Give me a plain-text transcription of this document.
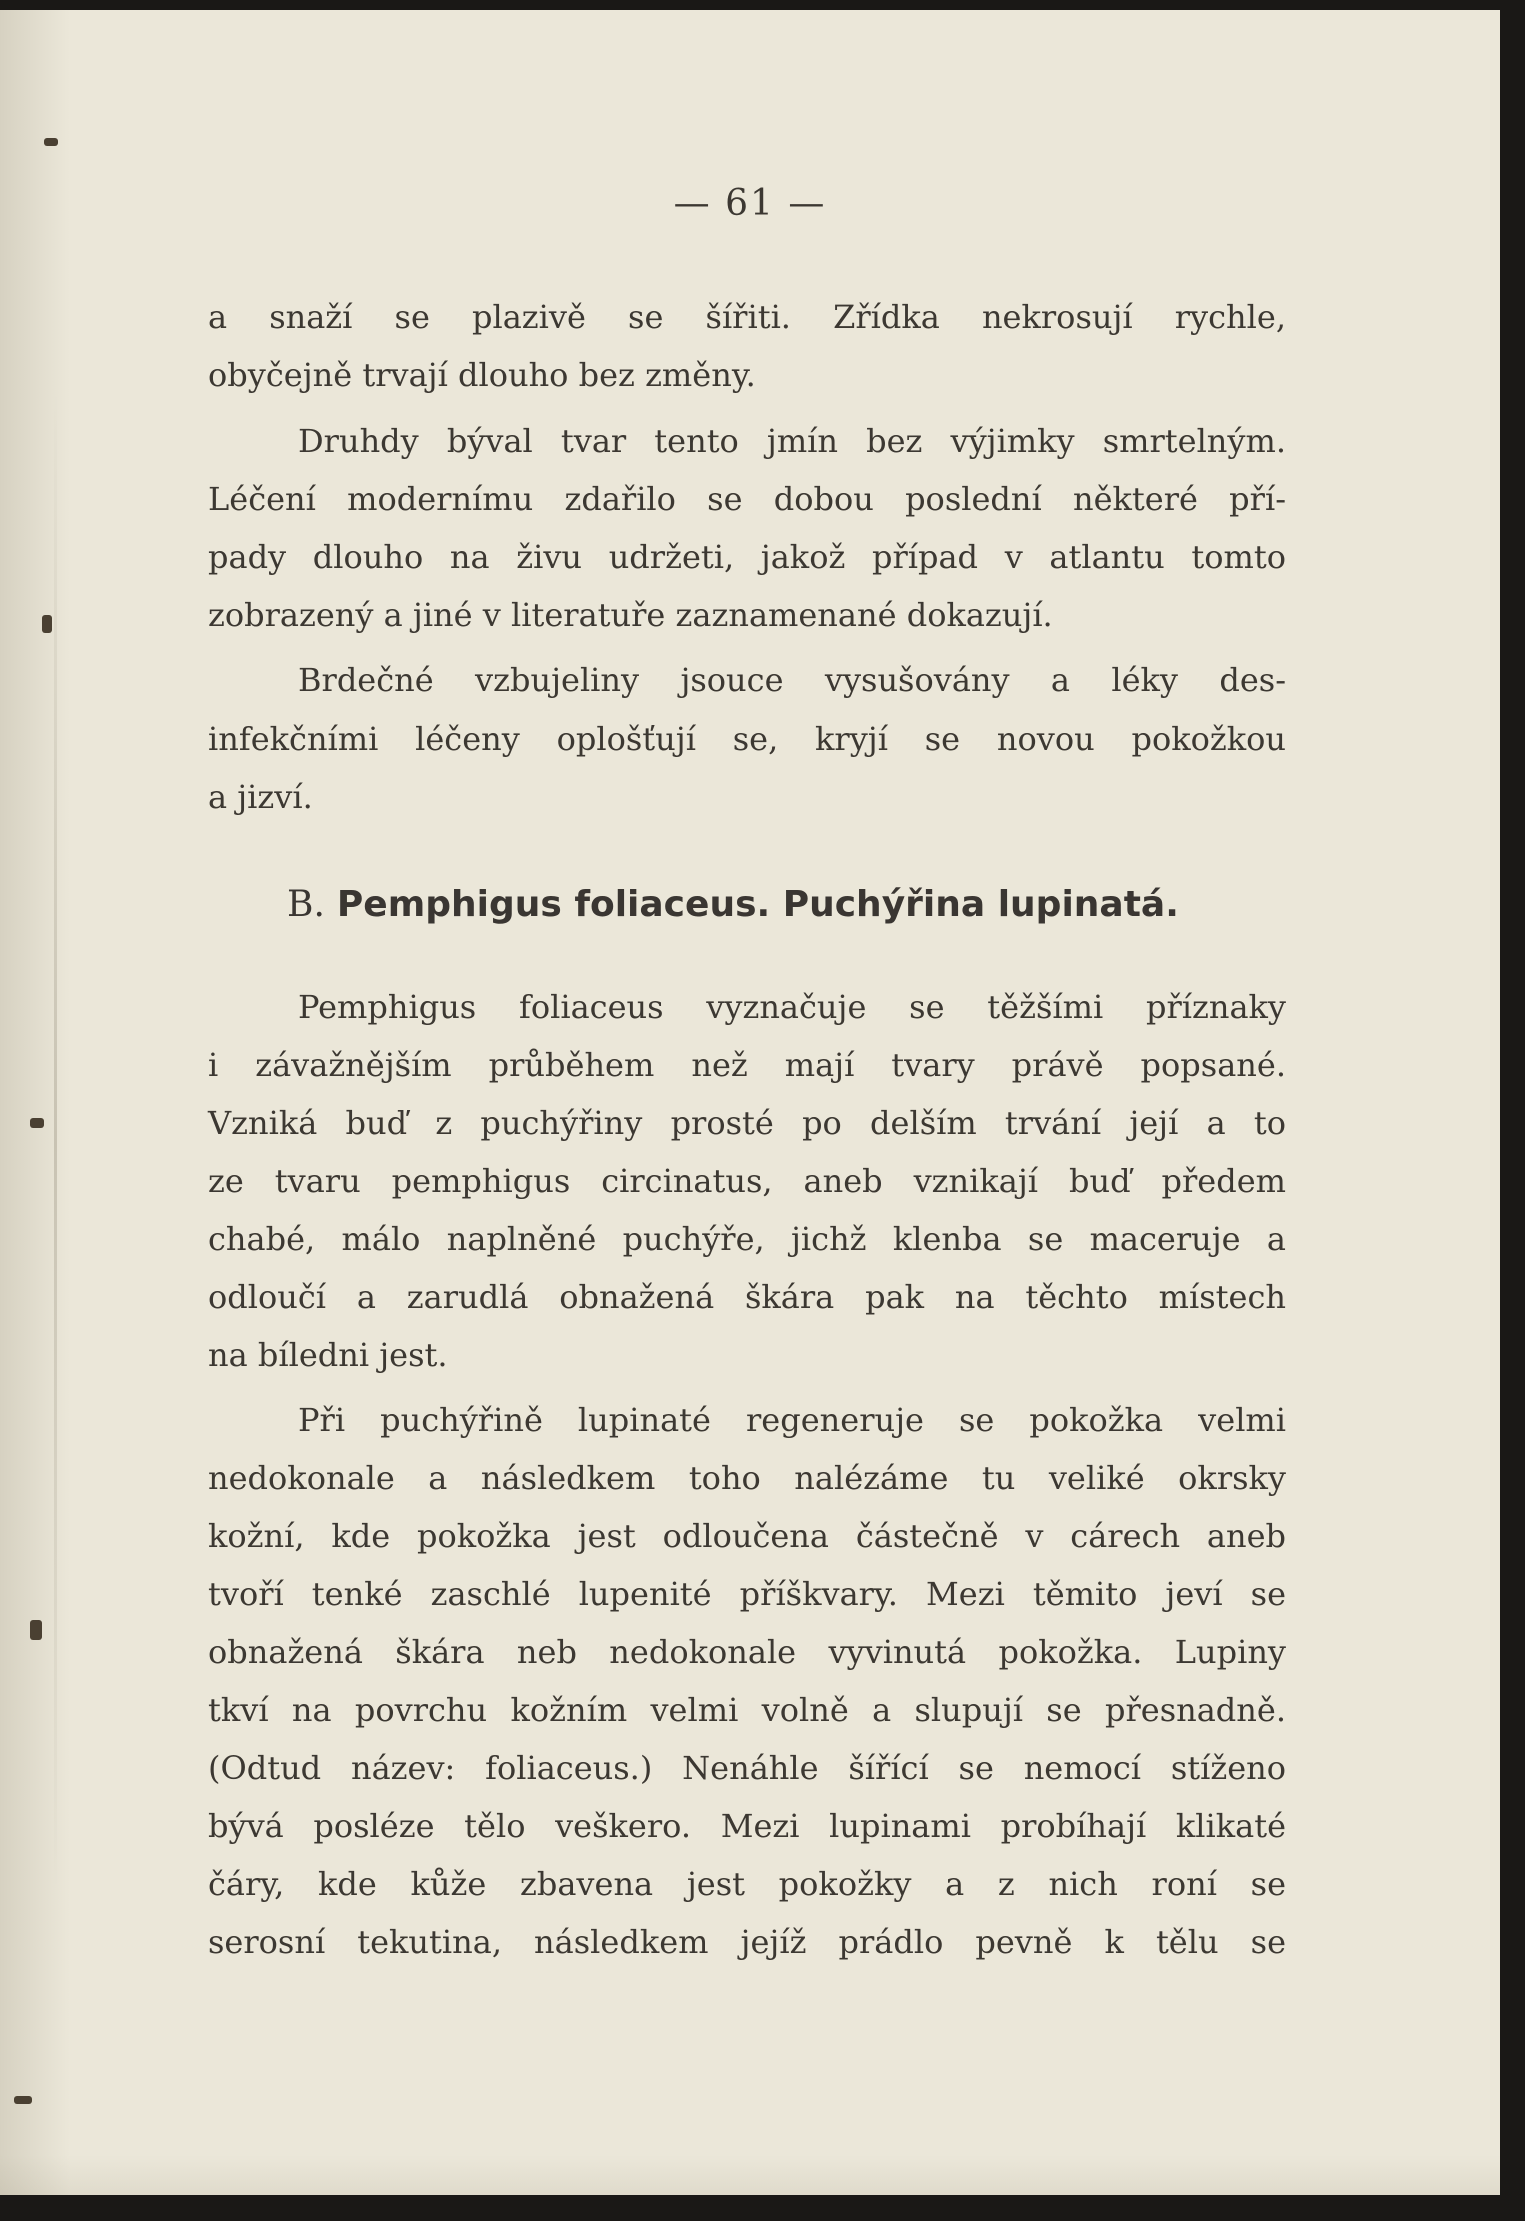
— 61 —
a snaží se plazivě se šířiti. Zřídka nekrosují rychle,
obyčejně trvají dlouho bez změny.
Druhdy býval tvar tento jmín bez výjimky smrtelným.
Léčení modernímu zdařilo se dobou poslední některé pří-
pady dlouho na živu udržeti, jakož případ v atlantu tomto
zobrazený a jiné v literatuře zaznamenané dokazují.
Brdečné vzbujeliny jsouce vysušovány a léky des-
infekčními léčeny oplošťují se, kryjí se novou pokožkou
a jizví.
B. Pemphigus foliaceus. Puchýřina lupinatá.
Pemphigus foliaceus vyznačuje se těžšími příznaky
i závažnějším průběhem než mají tvary právě popsané.
Vzniká buď z puchýřiny prosté po delším trvání její a to
ze tvaru pemphigus circinatus, aneb vznikají buď předem
chabé, málo naplněné puchýře, jichž klenba se maceruje a
odloučí a zarudlá obnažená škára pak na těchto místech
na bíledni jest.
Při puchýřině lupinaté regeneruje se pokožka velmi
nedokonale a následkem toho nalézáme tu veliké okrsky
kožní, kde pokožka jest odloučena částečně v cárech aneb
tvoří tenké zaschlé lupenité příškvary. Mezi těmito jeví se
obnažená škára neb nedokonale vyvinutá pokožka. Lupiny
tkví na povrchu kožním velmi volně a slupují se přesnadně.
(Odtud název: foliaceus.) Nenáhle šířící se nemocí stíženo
bývá posléze tělo veškero. Mezi lupinami probíhají klikaté
čáry, kde kůže zbavena jest pokožky a z nich roní se
serosní tekutina, následkem jejíž prádlo pevně k tělu se
